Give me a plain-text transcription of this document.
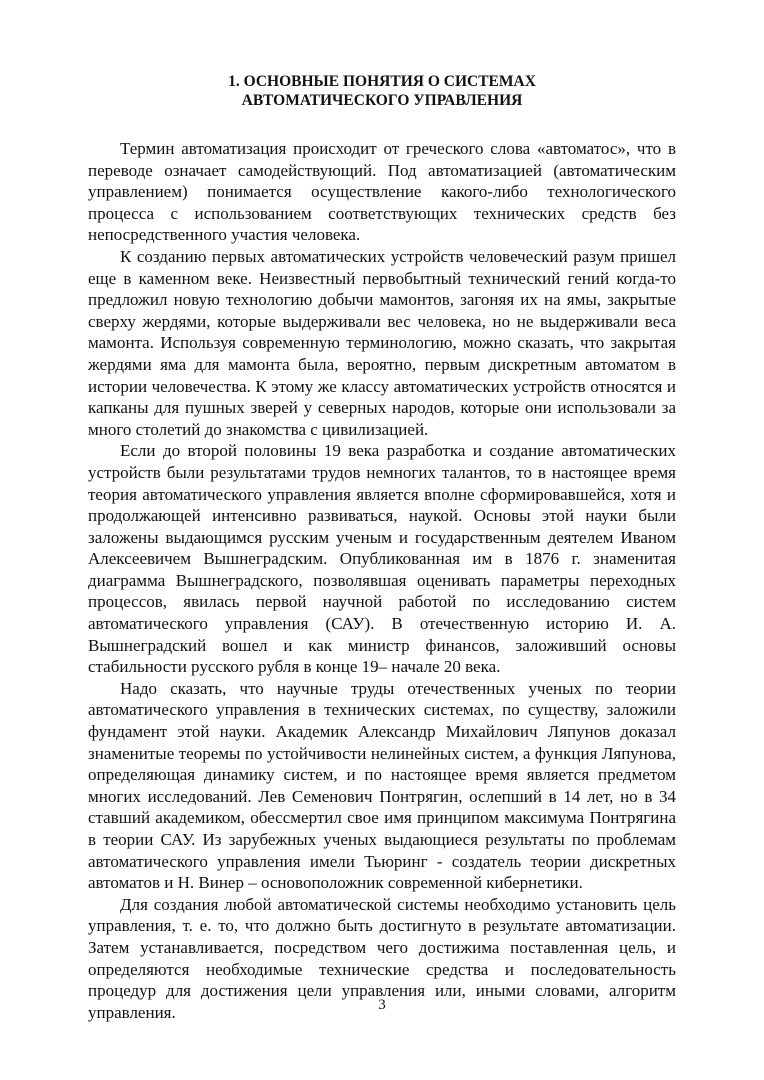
1. ОСНОВНЫЕ ПОНЯТИЯ О СИСТЕМАХ
АВТОМАТИЧЕСКОГО УПРАВЛЕНИЯ

Термин автоматизация происходит от греческого слова «автоматос», что в переводе означает самодействующий. Под автоматизацией (автоматическим управлением) понимается осуществление какого-либо технологического процесса с использованием соответствующих технических средств без непосредственного участия человека.

К созданию первых автоматических устройств человеческий разум пришел еще в каменном веке. Неизвестный первобытный технический гений когда-то предложил новую технологию добычи мамонтов, загоняя их на ямы, закрытые сверху жердями, которые выдерживали вес человека, но не выдерживали веса мамонта. Используя современную терминологию, можно сказать, что закрытая жердями яма для мамонта была, вероятно, первым дискретным автоматом в истории человечества. К этому же классу автоматических устройств относятся и капканы для пушных зверей у северных народов, которые они использовали за много столетий до знакомства с цивилизацией.

Если до второй половины 19 века разработка и создание автоматических устройств были результатами трудов немногих талантов, то в настоящее время теория автоматического управления является вполне сформировавшейся, хотя и продолжающей интенсивно развиваться, наукой. Основы этой науки были заложены выдающимся русским ученым и государственным деятелем Иваном Алексеевичем Вышнеградским. Опубликованная им в 1876 г. знаменитая диаграмма Вышнеградского, позволявшая оценивать параметры переходных процессов, явилась первой научной работой по исследованию систем автоматического управления (САУ). В отечественную историю И. А. Вышнеградский вошел и как министр финансов, заложивший основы стабильности русского рубля в конце 19– начале 20 века.

Надо сказать, что научные труды отечественных ученых по теории автоматического управления в технических системах, по существу, заложили фундамент этой науки. Академик Александр Михайлович Ляпунов доказал знаменитые теоремы по устойчивости нелинейных систем, а функция Ляпунова, определяющая динамику систем, и по настоящее время является предметом многих исследований. Лев Семенович Понтрягин, ослепший в 14 лет, но в 34 ставший академиком, обессмертил свое имя принципом максимума Понтрягина в теории САУ. Из зарубежных ученых выдающиеся результаты по проблемам автоматического управления имели Тьюринг - создатель теории дискретных автоматов и Н. Винер – основоположник современной кибернетики.

Для создания любой автоматической системы необходимо установить цель управления, т. е. то, что должно быть достигнуто в результате автоматизации. Затем устанавливается, посредством чего достижима поставленная цель, и определяются необходимые технические средства и последовательность процедур для достижения цели управления или, иными словами, алгоритм управления.	3
